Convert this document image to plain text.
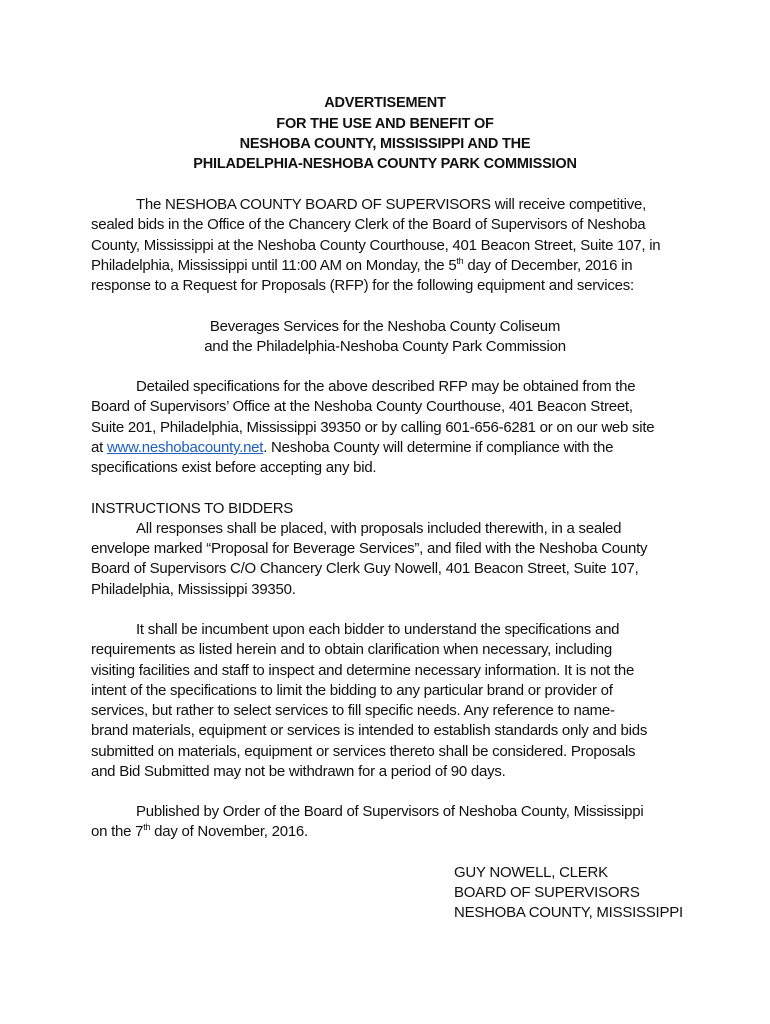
ADVERTISEMENT
FOR THE USE AND BENEFIT OF
NESHOBA COUNTY, MISSISSIPPI AND THE
PHILADELPHIA-NESHOBA COUNTY PARK COMMISSION
The NESHOBA COUNTY BOARD OF SUPERVISORS will receive competitive,
sealed bids in the Office of the Chancery Clerk of the Board of Supervisors of Neshoba
County, Mississippi at the Neshoba County Courthouse, 401 Beacon Street, Suite 107, in
Philadelphia, Mississippi until 11:00 AM on Monday, the 5th day of December, 2016 in
response to a Request for Proposals (RFP) for the following equipment and services:
Beverages Services for the Neshoba County Coliseum
and the Philadelphia-Neshoba County Park Commission
Detailed specifications for the above described RFP may be obtained from the
Board of Supervisors’ Office at the Neshoba County Courthouse, 401 Beacon Street,
Suite 201, Philadelphia, Mississippi 39350 or by calling 601-656-6281 or on our web site
at www.neshobacounty.net. Neshoba County will determine if compliance with the
specifications exist before accepting any bid.
INSTRUCTIONS TO BIDDERS
All responses shall be placed, with proposals included therewith, in a sealed
envelope marked “Proposal for Beverage Services”, and filed with the Neshoba County
Board of Supervisors C/O Chancery Clerk Guy Nowell, 401 Beacon Street, Suite 107,
Philadelphia, Mississippi 39350.
It shall be incumbent upon each bidder to understand the specifications and
requirements as listed herein and to obtain clarification when necessary, including
visiting facilities and staff to inspect and determine necessary information. It is not the
intent of the specifications to limit the bidding to any particular brand or provider of
services, but rather to select services to fill specific needs. Any reference to name-
brand materials, equipment or services is intended to establish standards only and bids
submitted on materials, equipment or services thereto shall be considered. Proposals
and Bid Submitted may not be withdrawn for a period of 90 days.
Published by Order of the Board of Supervisors of Neshoba County, Mississippi
on the 7th day of November, 2016.
GUY NOWELL, CLERK
BOARD OF SUPERVISORS
NESHOBA COUNTY, MISSISSIPPI
